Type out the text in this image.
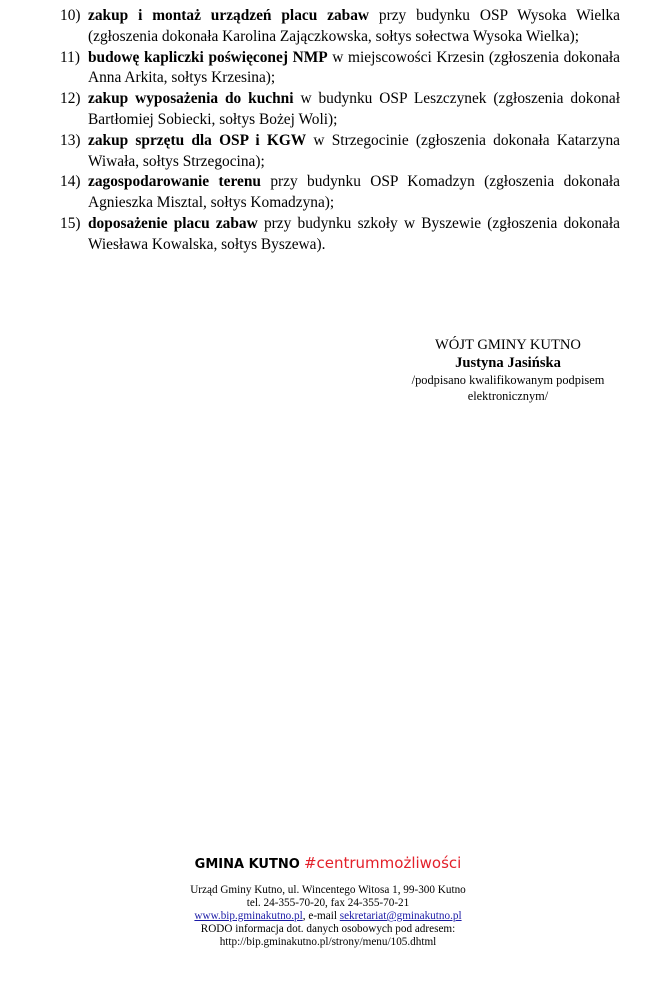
10) zakup i montaż urządzeń placu zabaw przy budynku OSP Wysoka Wielka (zgłoszenia dokonała Karolina Zajączkowska, sołtys sołectwa Wysoka Wielka);
11) budowę kapliczki poświęconej NMP w miejscowości Krzesin (zgłoszenia dokonała Anna Arkita, sołtys Krzesina);
12) zakup wyposażenia do kuchni w budynku OSP Leszczynek (zgłoszenia dokonał Bartłomiej Sobiecki, sołtys Bożej Woli);
13) zakup sprzętu dla OSP i KGW w Strzegocinie (zgłoszenia dokonała Katarzyna Wiwała, sołtys Strzegocina);
14) zagospodarowanie terenu przy budynku OSP Komadzyn (zgłoszenia dokonała Agnieszka Misztal, sołtys Komadzyna);
15) doposażenie placu zabaw przy budynku szkoły w Byszewie (zgłoszenia dokonała Wiesława Kowalska, sołtys Byszewa).
WÓJT GMINY KUTNO
Justyna Jasińska
/podpisano kwalifikowanym podpisem elektronicznym/
GMINA KUTNO #centrummożliwości
Urząd Gminy Kutno, ul. Wincentego Witosa 1, 99-300 Kutno
tel. 24-355-70-20, fax 24-355-70-21
www.bip.gminakutno.pl, e-mail sekretariat@gminakutno.pl
RODO informacja dot. danych osobowych pod adresem:
http://bip.gminakutno.pl/strony/menu/105.dhtml
